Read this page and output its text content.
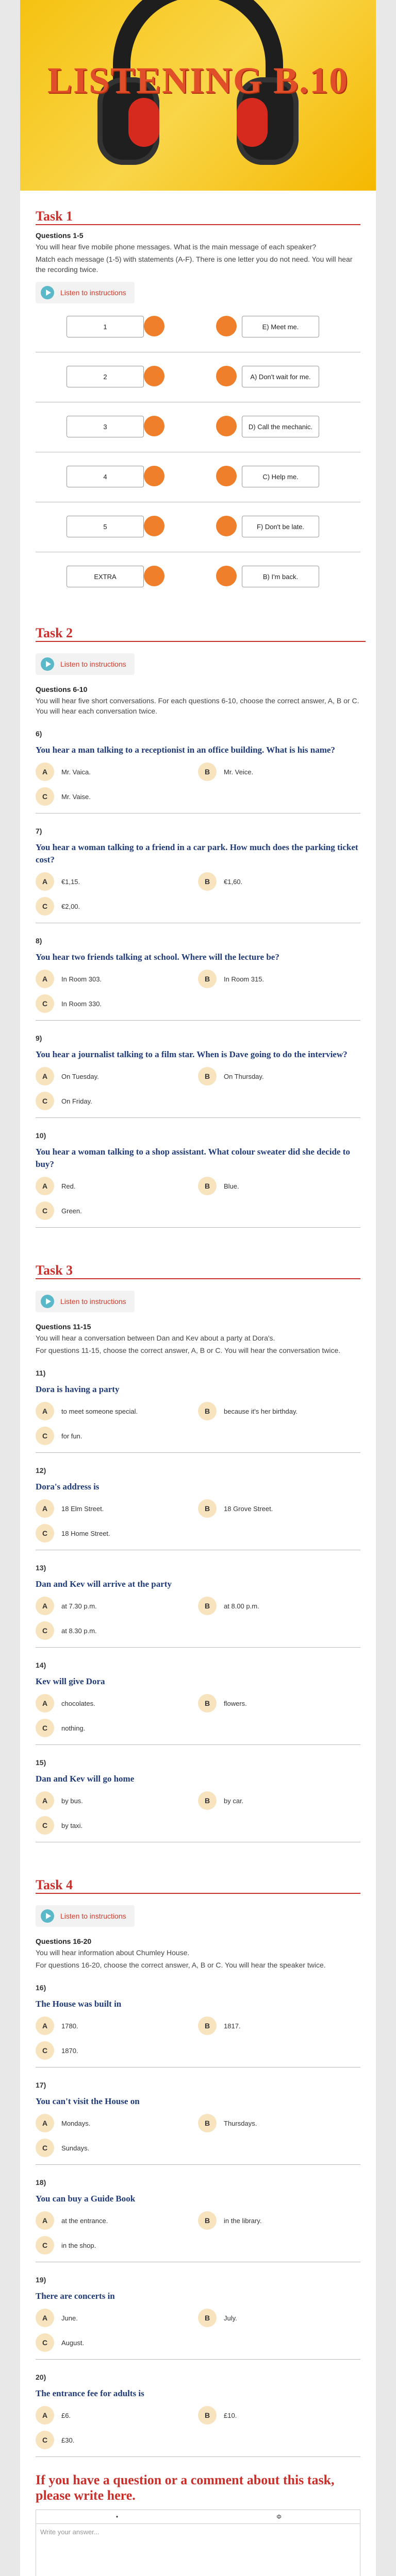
LISTENING B.10
Task 1
Questions 1-5
You will hear five mobile phone messages. What is the main message of each speaker?
Match each message (1-5) with statements (A-F). There is one letter you do not need. You will hear the recording twice.
Listen to instructions
1	E) Meet me.
2	A) Don't wait for me.
3	D) Call the mechanic.
4	C) Help me.
5	F) Don't be late.
EXTRA	B) I'm back.
Task 2
Listen to instructions
Questions 6-10
You will hear five short conversations. For each questions 6-10, choose the correct answer, A, B or C. You will hear each conversation twice.
6)
You hear a man talking to a receptionist in an office building. What is his name?
A	Mr. Vaica.	B	Mr. Veice.
C	Mr. Vaise.
7)
You hear a woman talking to a friend in a car park. How much does the parking ticket cost?
A	€1,15.	B	€1,60.
C	€2,00.
8)
You hear two friends talking at school. Where will the lecture be?
A	In Room 303.	B	In Room 315.
C	In Room 330.
9)
You hear a journalist talking to a film star. When is Dave going to do the interview?
A	On Tuesday.	B	On Thursday.
C	On Friday.
10)
You hear a woman talking to a shop assistant. What colour sweater did she decide to buy?
A	Red.	B	Blue.
C	Green.
Task 3
Listen to instructions
Questions 11-15
You will hear a conversation between Dan and Kev about a party at Dora's.
For questions 11-15, choose the correct answer, A, B or C. You will hear the conversation twice.
11)
Dora is having a party
A	to meet someone special.	B	because it's her birthday.
C	for fun.
12)
Dora's address is
A	18 Elm Street.	B	18 Grove Street.
C	18 Home Street.
13)
Dan and Kev will arrive at the party
A	at 7.30 p.m.	B	at 8.00 p.m.
C	at 8.30 p.m.
14)
Kev will give Dora
A	chocolates.	B	flowers.
C	nothing.
15)
Dan and Kev will go home
A	by bus.	B	by car.
C	by taxi.
Task 4
Listen to instructions
Questions 16-20
You will hear information about Chumley House.
For questions 16-20, choose the correct answer, A, B or C. You will hear the speaker twice.
16)
The House was built in
A	1780.	B	1817.
C	1870.
17)
You can't visit the House on
A	Mondays.	B	Thursdays.
C	Sundays.
18)
You can buy a Guide Book
A	at the entrance.	B	in the library.
C	in the shop.
19)
There are concerts in
A	June.	B	July.
C	August.
20)
The entrance fee for adults is
A	£6.	B	£10.
C	£30.
If you have a question or a comment about this task, please write here.
•	Φ
Write your answer...
